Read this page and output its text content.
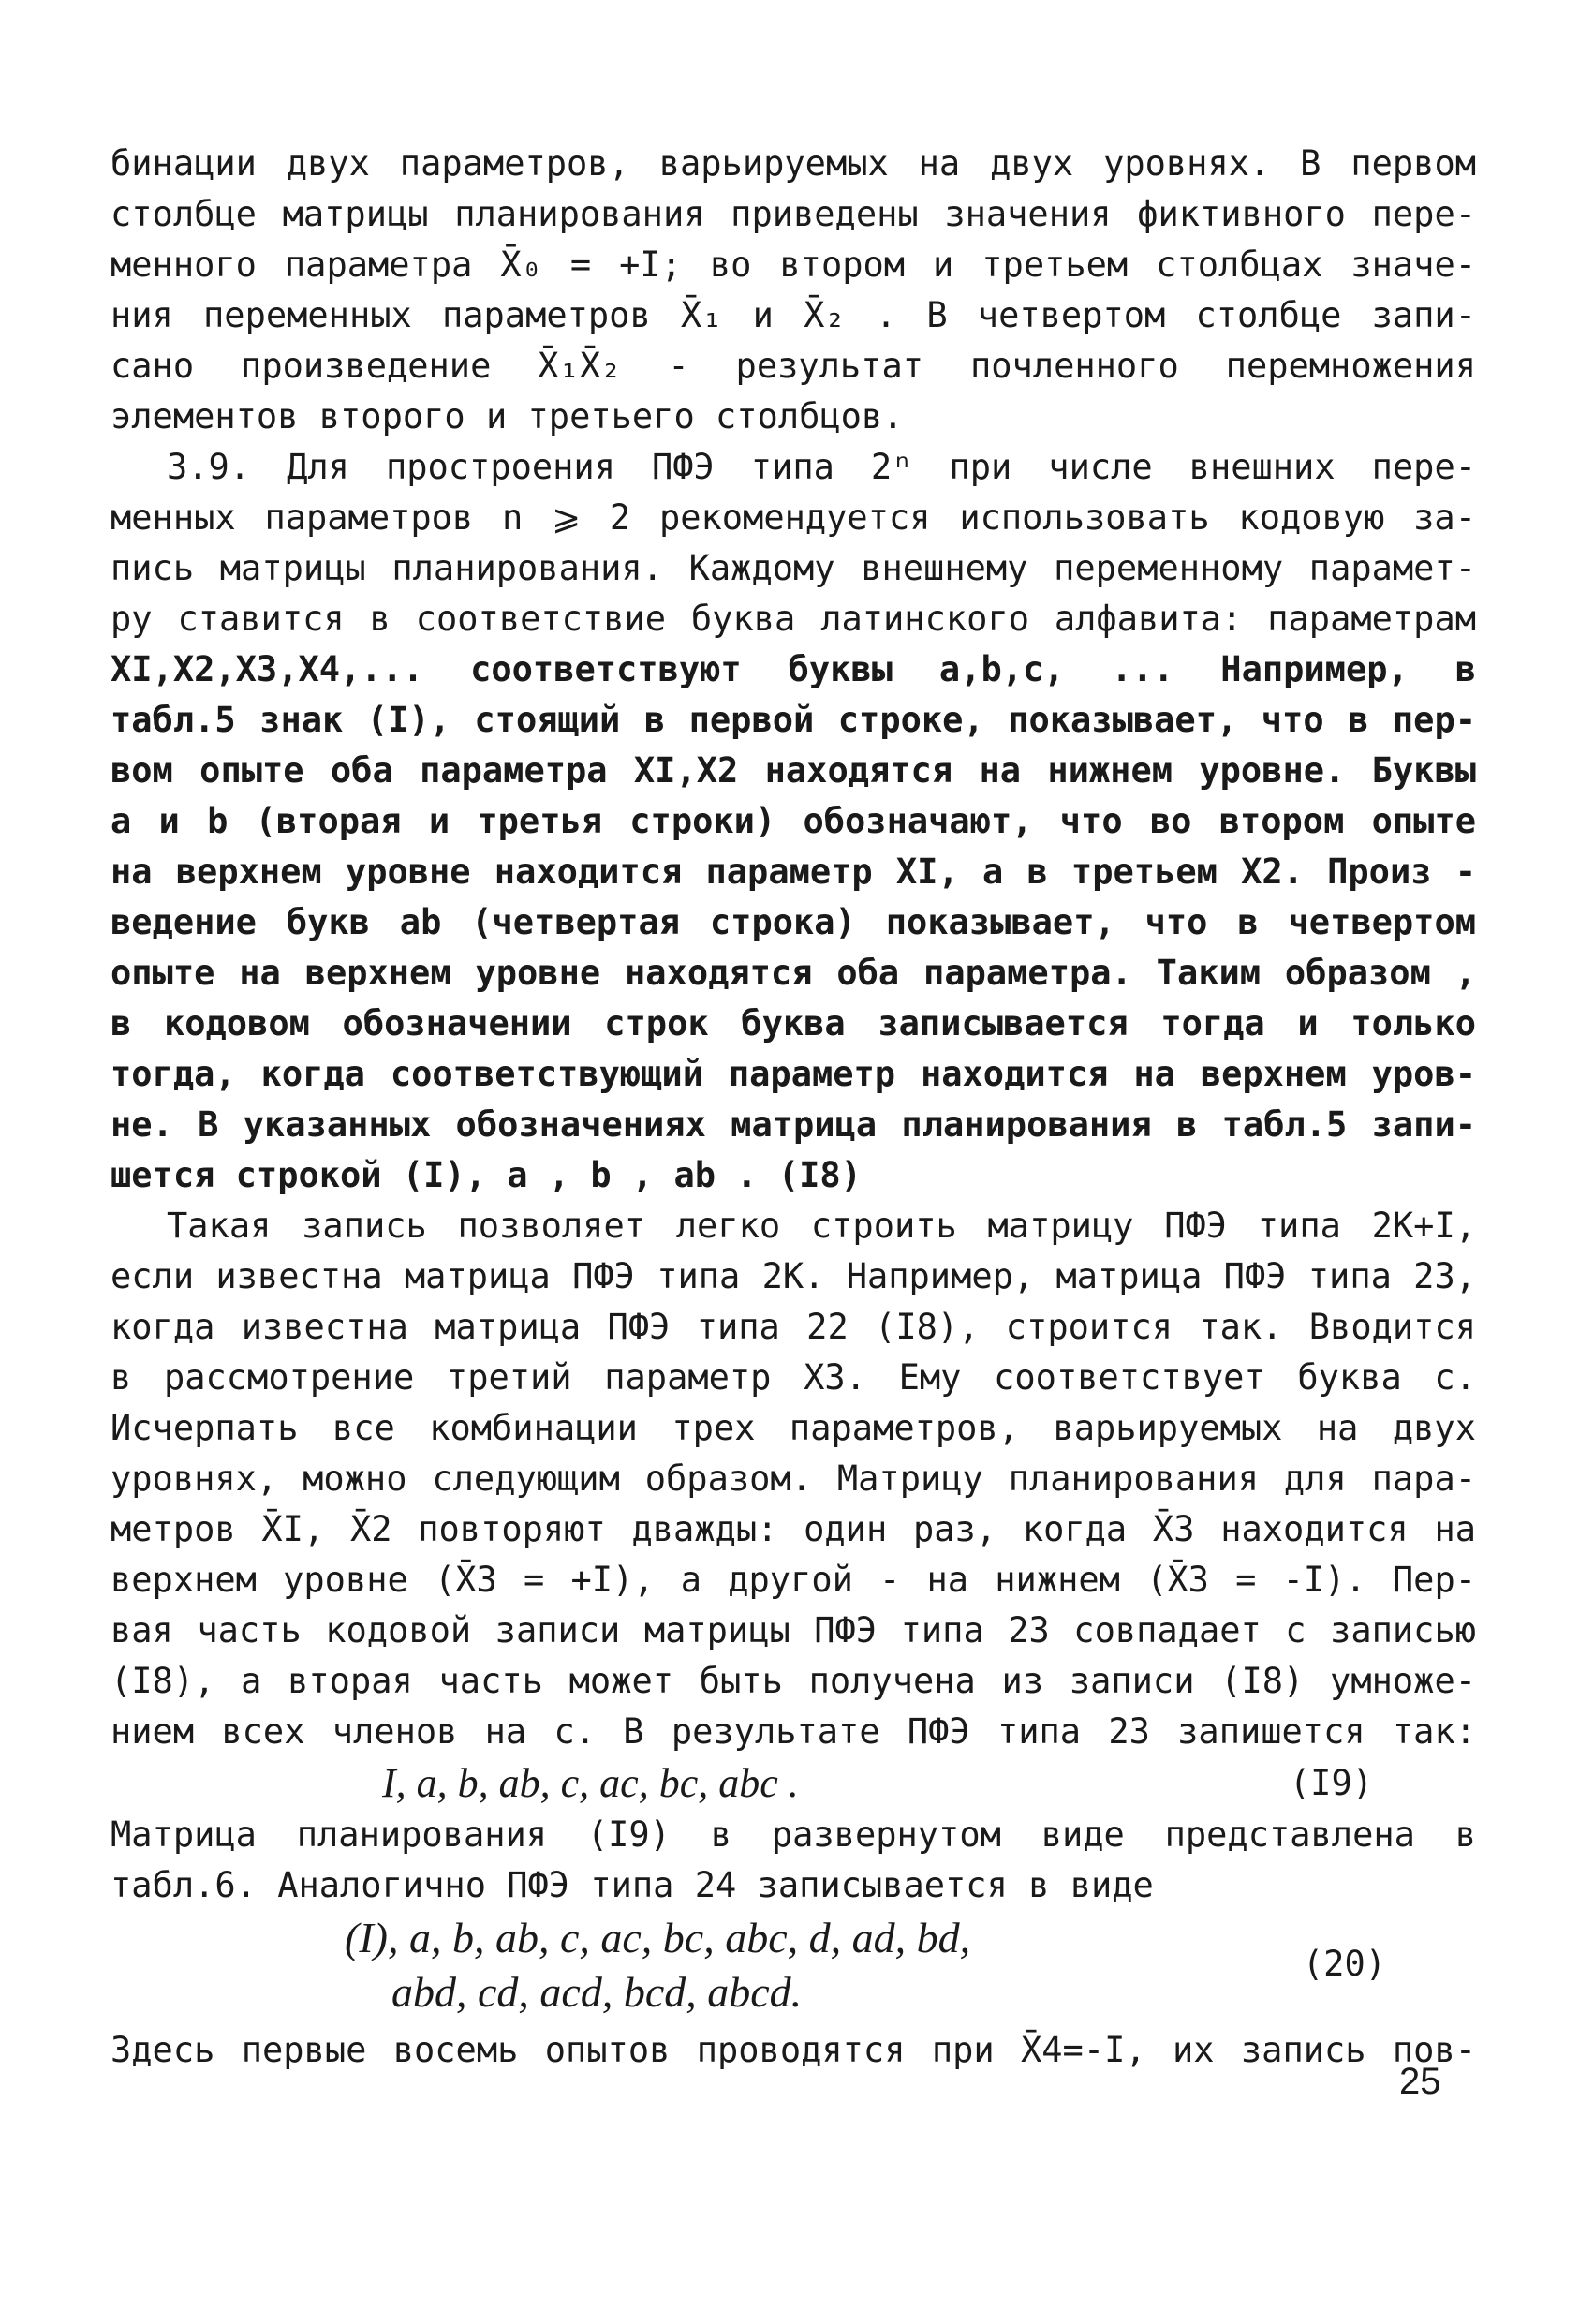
бинации двух параметров, варьируемых на двух уровнях. В первом
столбце матрицы планирования приведены значения фиктивного пере-
менного параметра X̄₀ = +I; во втором и третьем столбцах значе-
ния переменных параметров X̄₁ и X̄₂ . В четвертом столбце запи-
сано произведение X̄₁X̄₂ - результат почленного перемножения
элементов второго и третьего столбцов.
3.9. Для простроения ПФЭ типа 2ⁿ при числе внешних пере-
менных параметров n ⩾ 2 рекомендуется использовать кодовую за-
пись матрицы планирования. Каждому внешнему переменному парамет-
ру ставится в соответствие буква латинского алфавита: параметрам
XI,X2,X3,X4,... соответствуют буквы a,b,c, ... Например, в
табл.5 знак (I), стоящий в первой строке, показывает, что в пер-
вом опыте оба параметра XI,X2 находятся на нижнем уровне. Буквы
a и b (вторая и третья строки) обозначают, что во втором опыте
на верхнем уровне находится параметр XI, а в третьем X2. Произ -
ведение букв ab (четвертая строка) показывает, что в четвертом
опыте на верхнем уровне находятся оба параметра. Таким образом ,
в кодовом обозначении строк буква записывается тогда и только
тогда, когда соответствующий параметр находится на верхнем уров-
не. В указанных обозначениях матрица планирования в табл.5 запи-
шется строкой (I), a , b , ab . (I8)
Такая запись позволяет легко строить матрицу ПФЭ типа 2К+I,
если известна матрица ПФЭ типа 2К. Например, матрица ПФЭ типа 23,
когда известна матрица ПФЭ типа 22 (I8), строится так. Вводится
в рассмотрение третий параметр X3. Ему соответствует буква c.
Исчерпать все комбинации трех параметров, варьируемых на двух
уровнях, можно следующим образом. Матрицу планирования для пара-
метров X̄I, X̄2 повторяют дважды: один раз, когда X̄3 находится на
верхнем уровне (X̄3 = +I), а другой - на нижнем (X̄3 = -I). Пер-
вая часть кодовой записи матрицы ПФЭ типа 23 совпадает с записью
(I8), а вторая часть может быть получена из записи (I8) умноже-
нием всех членов на c. В результате ПФЭ типа 23 запишется так:
I, a, b, ab, c, ac, bc, abc .	(I9)
Матрица планирования (I9) в развернутом виде представлена в
табл.6. Аналогично ПФЭ типа 24 записывается в виде
(I), a, b, ab, c, ac, bc, abc, d, ad, bd,
(20)
abd, cd, acd, bcd, abcd.
Здесь первые восемь опытов проводятся при X̄4=-I, их запись пов-
25
